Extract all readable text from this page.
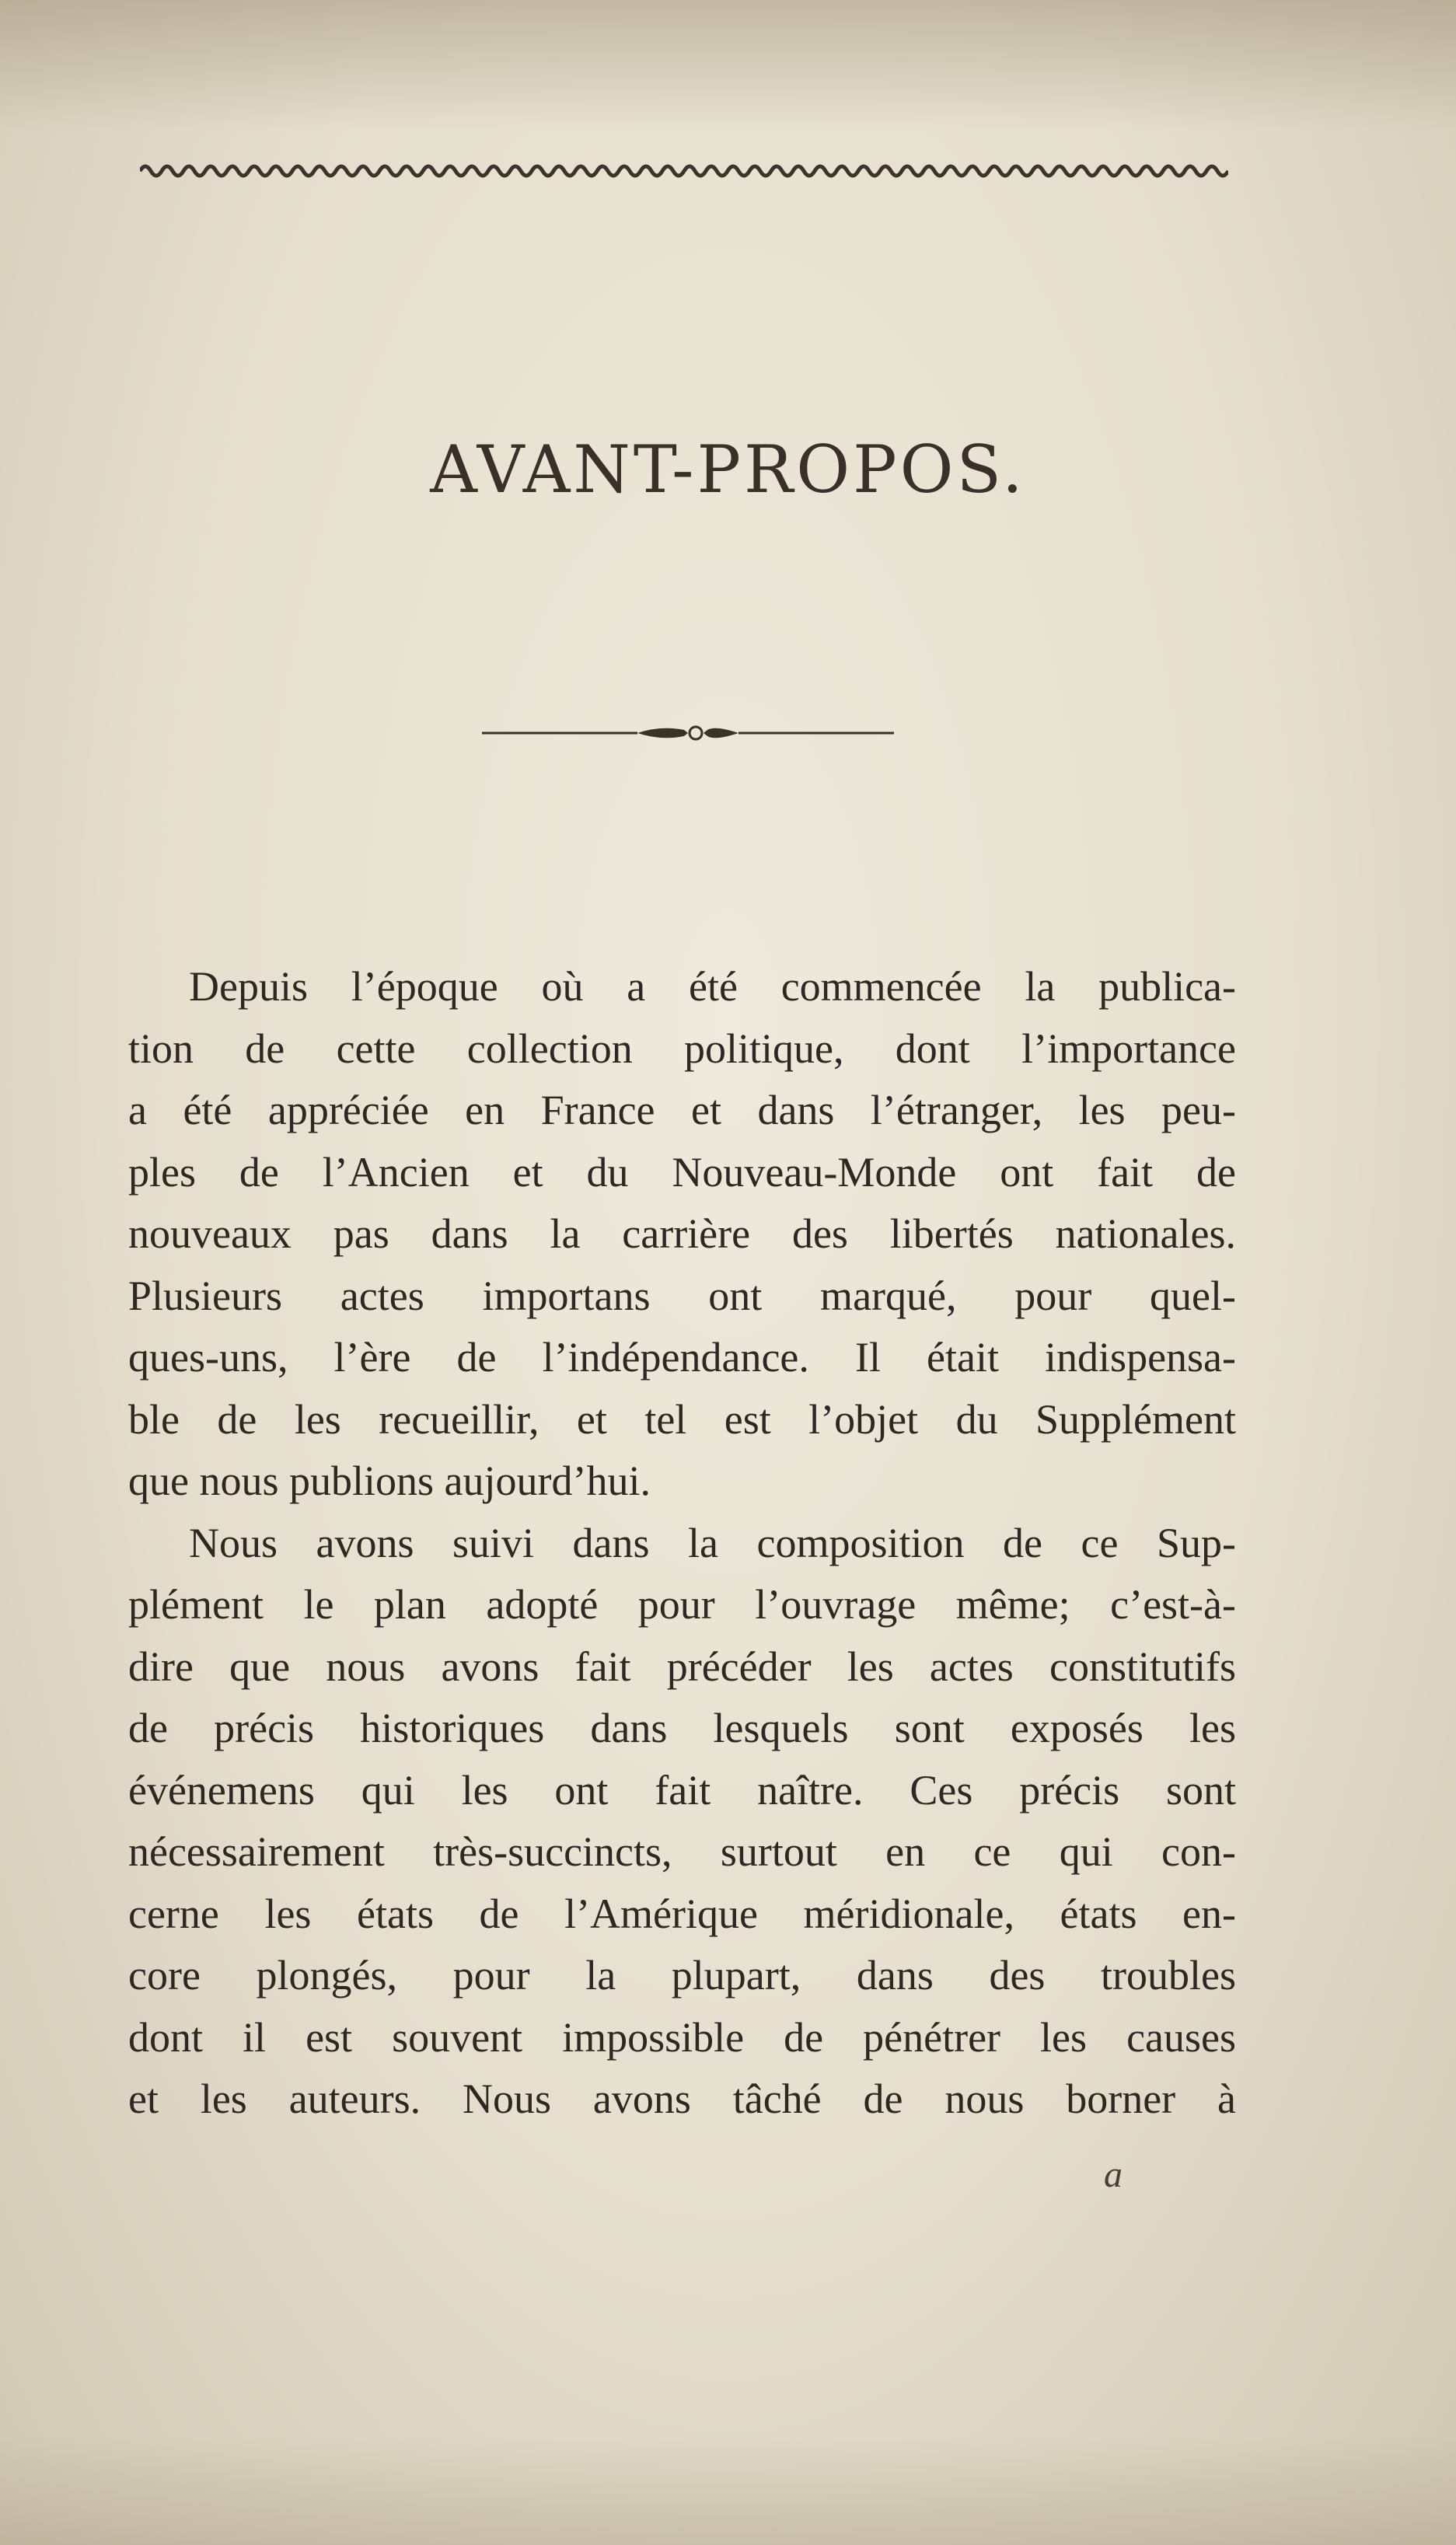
AVANT-PROPOS.
Depuis l’époque où a été commencée la publica-
tion de cette collection politique, dont l’importance
a été appréciée en France et dans l’étranger, les peu-
ples de l’Ancien et du Nouveau-Monde ont fait de
nouveaux pas dans la carrière des libertés nationales.
Plusieurs actes importans ont marqué, pour quel-
ques-uns, l’ère de l’indépendance. Il était indispensa-
ble de les recueillir, et tel est l’objet du Supplément
que nous publions aujourd’hui.
Nous avons suivi dans la composition de ce Sup-
plément le plan adopté pour l’ouvrage même; c’est-à-
dire que nous avons fait précéder les actes constitutifs
de précis historiques dans lesquels sont exposés les
événemens qui les ont fait naître. Ces précis sont
nécessairement très-succincts, surtout en ce qui con-
cerne les états de l’Amérique méridionale, états en-
core plongés, pour la plupart, dans des troubles
dont il est souvent impossible de pénétrer les causes
et les auteurs. Nous avons tâché de nous borner à
a
